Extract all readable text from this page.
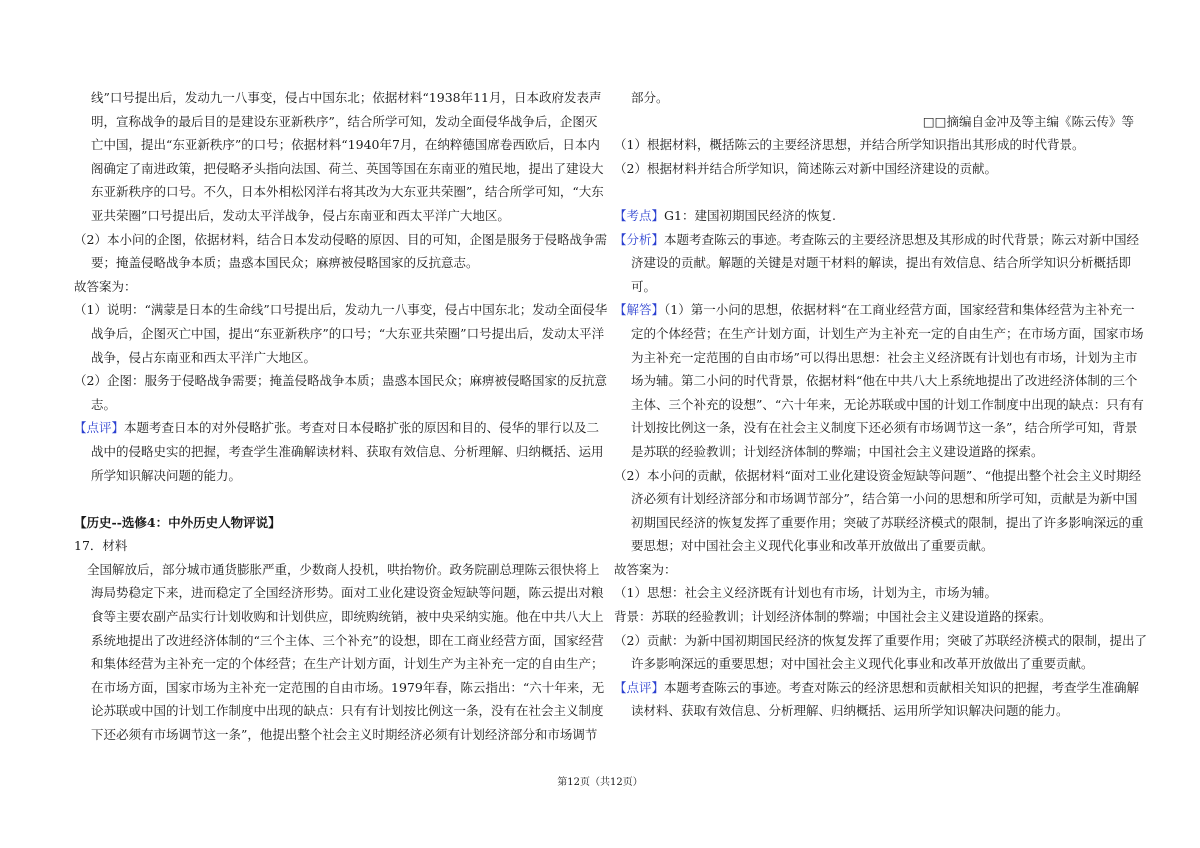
线”口号提出后，发动九一八事变，侵占中国东北；依据材料“1938年11月，日本政府发表声
明，宣称战争的最后目的是建设东亚新秩序”，结合所学可知，发动全面侵华战争后，企图灭
亡中国，提出“东亚新秩序”的口号；依据材料“1940年7月，在纳粹德国席卷西欧后，日本内
阁确定了南进政策，把侵略矛头指向法国、荷兰、英国等国在东南亚的殖民地，提出了建设大
东亚新秩序的口号。不久，日本外相松冈洋右将其改为大东亚共荣圈”，结合所学可知，“大东
亚共荣圈”口号提出后，发动太平洋战争，侵占东南亚和西太平洋广大地区。
（2）本小问的企图，依据材料，结合日本发动侵略的原因、目的可知，企图是服务于侵略战争需
要；掩盖侵略战争本质；蛊惑本国民众；麻痹被侵略国家的反抗意志。
故答案为：
（1）说明：“满蒙是日本的生命线”口号提出后，发动九一八事变，侵占中国东北；发动全面侵华
战争后，企图灭亡中国，提出“东亚新秩序”的口号；“大东亚共荣圈”口号提出后，发动太平洋
战争，侵占东南亚和西太平洋广大地区。
（2）企图：服务于侵略战争需要；掩盖侵略战争本质；蛊惑本国民众；麻痹被侵略国家的反抗意
志。
【点评】本题考查日本的对外侵略扩张。考查对日本侵略扩张的原因和目的、侵华的罪行以及二
战中的侵略史实的把握，考查学生准确解读材料、获取有效信息、分析理解、归纳概括、运用
所学知识解决问题的能力。
【历史--选修4：中外历史人物评说】
17．材料
全国解放后，部分城市通货膨胀严重，少数商人投机，哄抬物价。政务院副总理陈云很快将上
海局势稳定下来，进而稳定了全国经济形势。面对工业化建设资金短缺等问题，陈云提出对粮
食等主要农副产品实行计划收购和计划供应，即统购统销，被中央采纳实施。他在中共八大上
系统地提出了改进经济体制的“三个主体、三个补充”的设想，即在工商业经营方面，国家经营
和集体经营为主补充一定的个体经营；在生产计划方面，计划生产为主补充一定的自由生产；
在市场方面，国家市场为主补充一定范围的自由市场。1979年春，陈云指出：“六十年来，无
论苏联或中国的计划工作制度中出现的缺点：只有有计划按比例这一条，没有在社会主义制度
下还必须有市场调节这一条”，他提出整个社会主义时期经济必须有计划经济部分和市场调节
部分。
□□摘编自金冲及等主编《陈云传》等
（1）根据材料，概括陈云的主要经济思想，并结合所学知识指出其形成的时代背景。
（2）根据材料并结合所学知识，简述陈云对新中国经济建设的贡献。
【考点】G1：建国初期国民经济的恢复.
【分析】本题考查陈云的事迹。考查陈云的主要经济思想及其形成的时代背景；陈云对新中国经
济建设的贡献。解题的关键是对题干材料的解读，提出有效信息、结合所学知识分析概括即
可。
【解答】（1）第一小问的思想，依据材料“在工商业经营方面，国家经营和集体经营为主补充一
定的个体经营；在生产计划方面，计划生产为主补充一定的自由生产；在市场方面，国家市场
为主补充一定范围的自由市场”可以得出思想：社会主义经济既有计划也有市场，计划为主市
场为辅。第二小问的时代背景，依据材料“他在中共八大上系统地提出了改进经济体制的三个
主体、三个补充的设想”、“六十年来，无论苏联或中国的计划工作制度中出现的缺点：只有有
计划按比例这一条，没有在社会主义制度下还必须有市场调节这一条”，结合所学可知，背景
是苏联的经验教训；计划经济体制的弊端；中国社会主义建设道路的探索。
（2）本小问的贡献，依据材料“面对工业化建设资金短缺等问题”、“他提出整个社会主义时期经
济必须有计划经济部分和市场调节部分”，结合第一小问的思想和所学可知，贡献是为新中国
初期国民经济的恢复发挥了重要作用；突破了苏联经济模式的限制，提出了许多影响深远的重
要思想；对中国社会主义现代化事业和改革开放做出了重要贡献。
故答案为：
（1）思想：社会主义经济既有计划也有市场，计划为主，市场为辅。
背景：苏联的经验教训；计划经济体制的弊端；中国社会主义建设道路的探索。
（2）贡献：为新中国初期国民经济的恢复发挥了重要作用；突破了苏联经济模式的限制，提出了
许多影响深远的重要思想；对中国社会主义现代化事业和改革开放做出了重要贡献。
【点评】本题考查陈云的事迹。考查对陈云的经济思想和贡献相关知识的把握，考查学生准确解
读材料、获取有效信息、分析理解、归纳概括、运用所学知识解决问题的能力。
第12页（共12页）
